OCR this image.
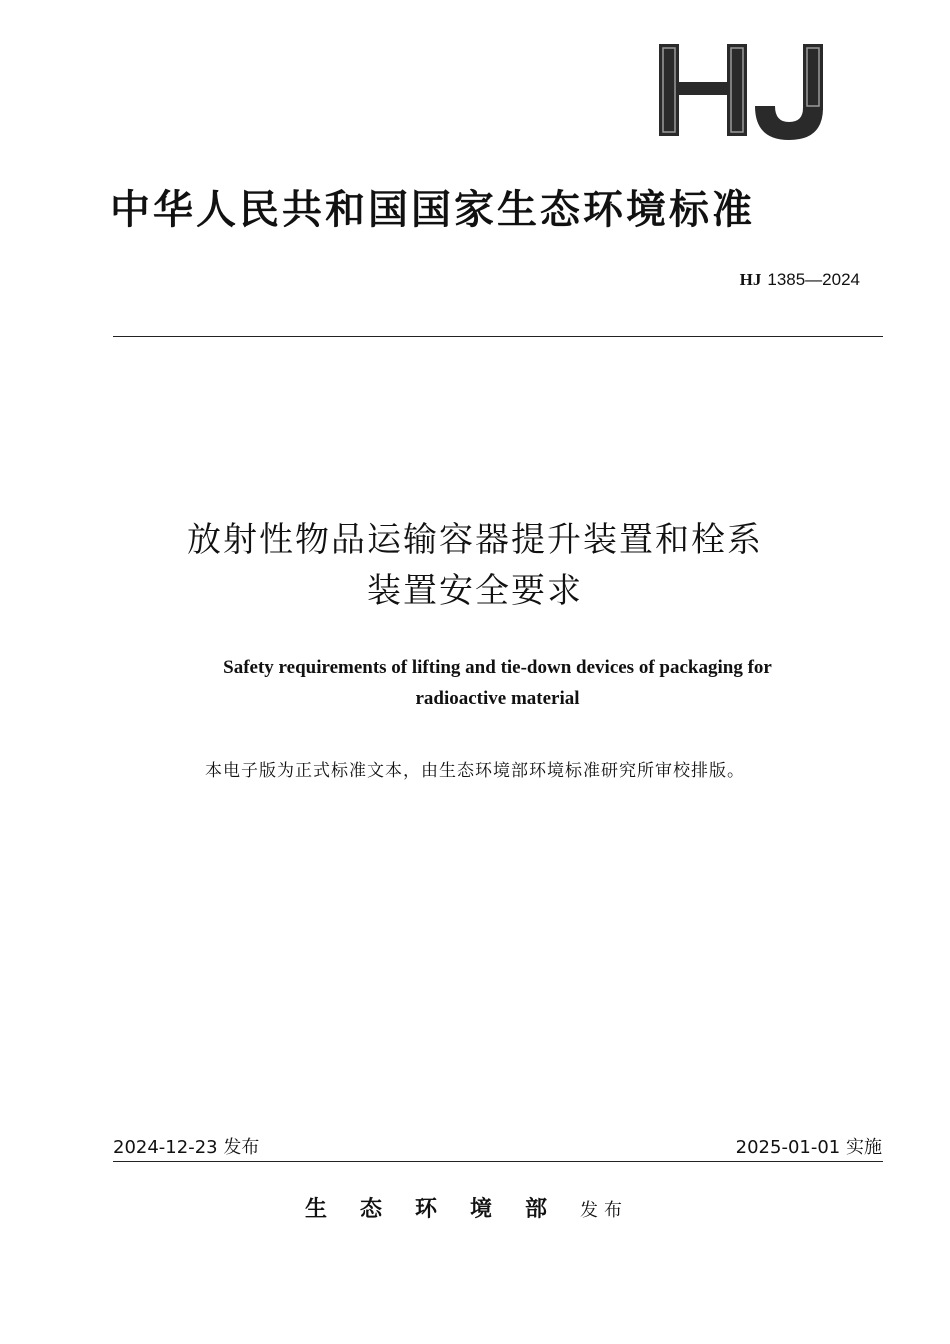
HJ
中华人民共和国国家生态环境标准
HJ 1385—2024
放射性物品运输容器提升装置和栓系
装置安全要求
Safety requirements of lifting and tie-down devices of packaging for
radioactive material
本电子版为正式标准文本，由生态环境部环境标准研究所审校排版。
2024-12-23 发布	2025-01-01 实施
生态环境部发布
